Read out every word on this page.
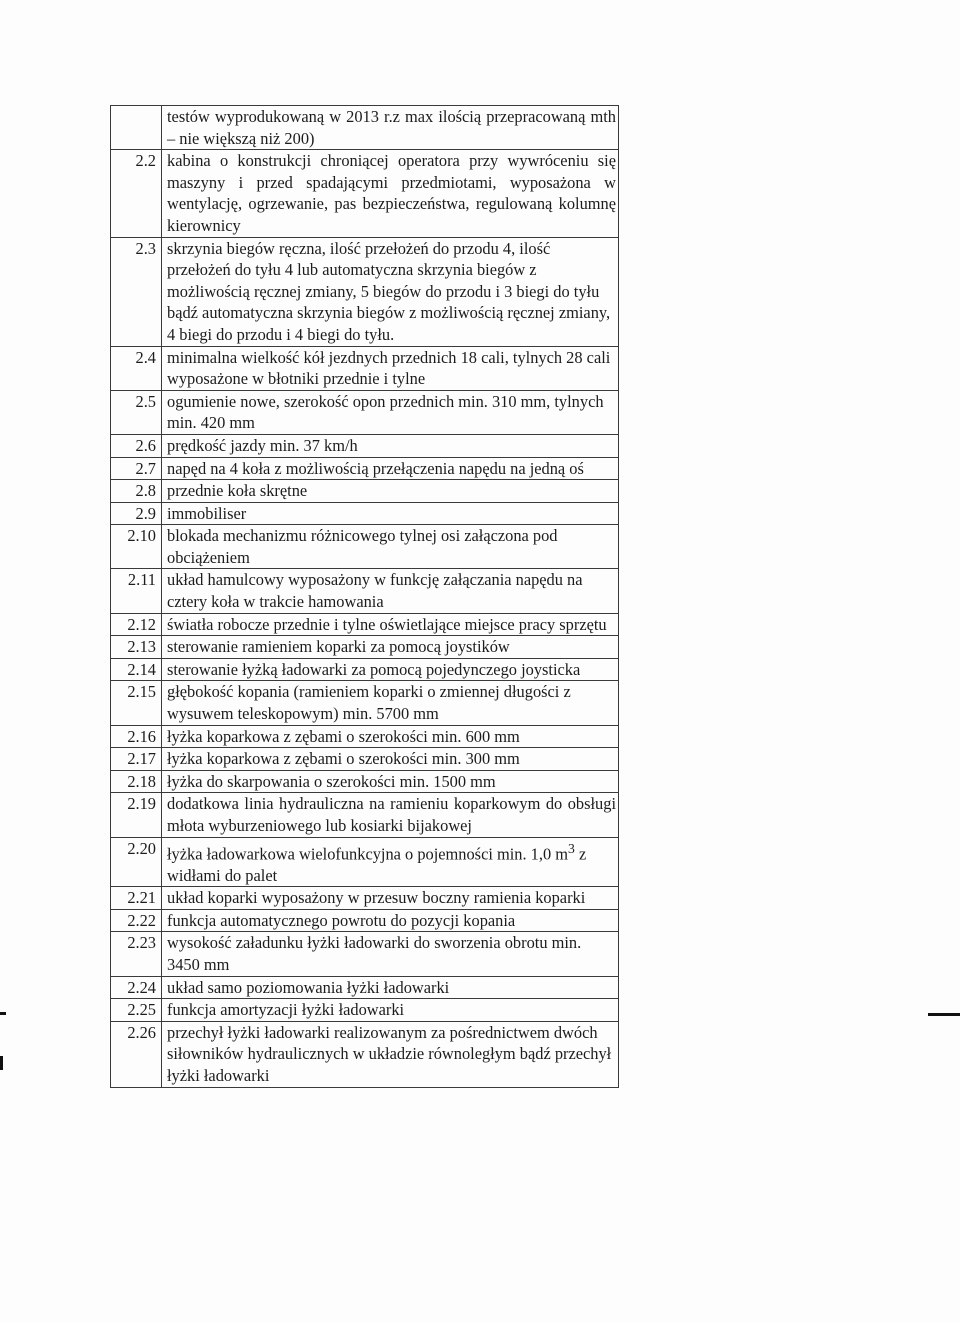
	testów wyprodukowaną w 2013 r.z max ilością przepracowaną mth – nie większą niż 200)
2.2	kabina o konstrukcji chroniącej operatora przy wywróceniu się maszyny i przed spadającymi przedmiotami, wyposażona w wentylację, ogrzewanie, pas bezpieczeństwa, regulowaną kolumnę kierownicy
2.3	skrzynia biegów ręczna, ilość przełożeń do przodu 4, ilość przełożeń do tyłu 4 lub automatyczna skrzynia biegów z możliwością ręcznej zmiany, 5 biegów do przodu i 3 biegi do tyłu bądź automatyczna skrzynia biegów z możliwością ręcznej zmiany, 4 biegi do przodu i 4 biegi do tyłu.
2.4	minimalna wielkość kół jezdnych przednich 18 cali, tylnych 28 cali wyposażone w błotniki przednie i tylne
2.5	ogumienie nowe, szerokość opon przednich min. 310 mm, tylnych min. 420 mm
2.6	prędkość jazdy min. 37 km/h
2.7	napęd na 4 koła z możliwością przełączenia napędu na jedną oś
2.8	przednie koła skrętne
2.9	immobiliser
2.10	blokada mechanizmu różnicowego tylnej osi załączona pod obciążeniem
2.11	układ hamulcowy wyposażony w funkcję załączania napędu na cztery koła w trakcie hamowania
2.12	światła robocze przednie i tylne oświetlające miejsce pracy sprzętu
2.13	sterowanie ramieniem koparki za pomocą joystików
2.14	sterowanie łyżką ładowarki za pomocą pojedynczego joysticka
2.15	głębokość kopania (ramieniem koparki o zmiennej długości z wysuwem teleskopowym) min. 5700 mm
2.16	łyżka koparkowa z zębami o szerokości min. 600 mm
2.17	łyżka koparkowa z zębami o szerokości min. 300 mm
2.18	łyżka do skarpowania o szerokości min. 1500 mm
2.19	dodatkowa linia hydrauliczna na ramieniu koparkowym do obsługi młota wyburzeniowego lub kosiarki bijakowej
2.20	łyżka ładowarkowa wielofunkcyjna o pojemności min. 1,0 $m^3$ z widłami do palet
2.21	układ koparki wyposażony w przesuw boczny ramienia koparki
2.22	funkcja automatycznego powrotu do pozycji kopania
2.23	wysokość załadunku łyżki ładowarki do sworzenia obrotu min. 3450 mm
2.24	układ samo poziomowania łyżki ładowarki
2.25	funkcja amortyzacji łyżki ładowarki
2.26	przechył łyżki ładowarki realizowanym za pośrednictwem dwóch siłowników hydraulicznych w układzie równoległym bądź przechył łyżki ładowarki
